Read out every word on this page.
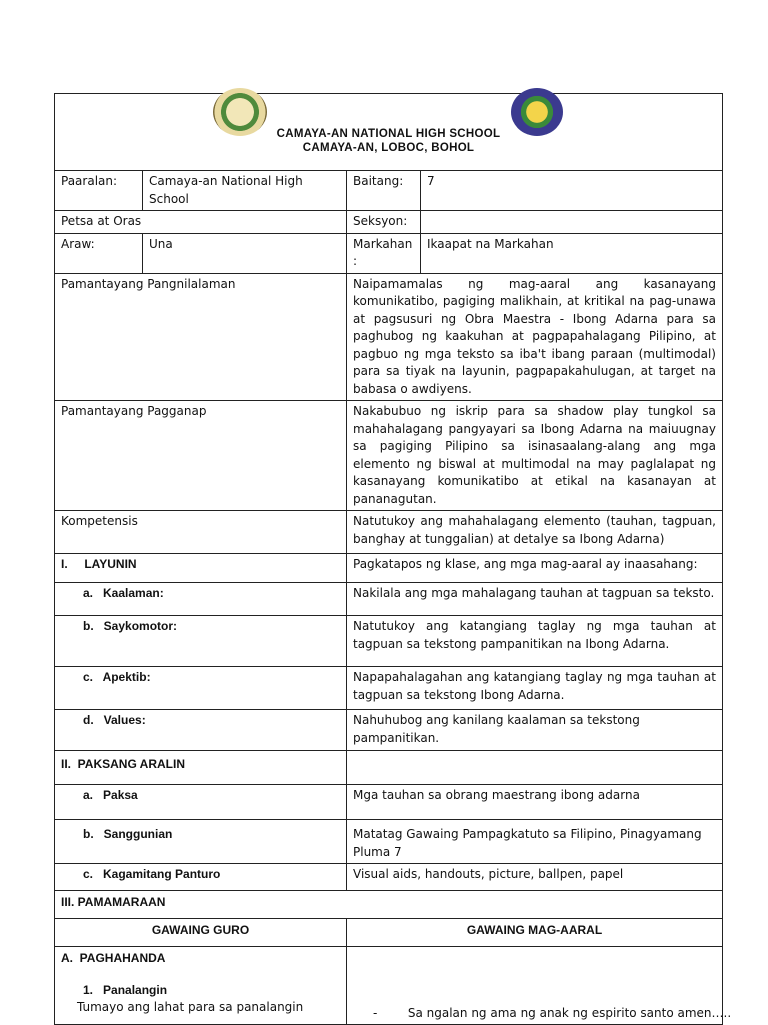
CAMAYA-AN NATIONAL HIGH SCHOOL
CAMAYA-AN, LOBOC, BOHOL			

Paaralan:	Camaya-an National High School	Baitang:	7
Petsa at Oras		Seksyon:	
Araw:	Una	Markahan :	Ikaapat na Markahan
Pamantayang Pangnilalaman		Naipamamalas ng mag-aaral ang kasanayang komunikatibo, pagiging malikhain, at kritikal na pag-unawa at pagsusuri ng Obra Maestra - Ibong Adarna para sa paghubog ng kaakuhan at pagpapahalagang Pilipino, at pagbuo ng mga teksto sa iba't ibang paraan (multimodal) para sa tiyak na layunin, pagpapakahulugan, at target na babasa o awdiyens.	
Pamantayang Pagganap		Nakabubuo ng iskrip para sa shadow play tungkol sa mahahalagang pangyayari sa Ibong Adarna na maiuugnay sa pagiging Pilipino sa isinasaalang-alang ang mga elemento ng biswal at multimodal na may paglalapat ng kasanayang komunikatibo at etikal na kasanayan at pananagutan.	
Kompetensis		Natutukoy ang mahahalagang elemento (tauhan, tagpuan, banghay at tunggalian) at detalye sa Ibong Adarna)	
I.     LAYUNIN		Pagkatapos ng klase, ang mga mag-aaral ay inaasahang:	
a.   Kaalaman:		Nakilala ang mga mahalagang tauhan at tagpuan sa teksto.	
b.   Saykomotor:		Natutukoy ang katangiang taglay ng mga tauhan at tagpuan sa tekstong pampanitikan na Ibong Adarna.	
c.   Apektib:		Napapahalagahan ang katangiang taglay ng mga tauhan at tagpuan sa tekstong Ibong Adarna.	
d.   Values:		Nahuhubog ang kanilang kaalaman sa tekstong pampanitikan.	
II.  PAKSANG ARALIN			
a.   Paksa		Mga tauhan sa obrang maestrang ibong adarna	
b.   Sanggunian		Matatag Gawaing Pampagkatuto sa Filipino, Pinagyamang Pluma 7	
c.   Kagamitang Panturo		Visual aids, handouts, picture, ballpen, papel	
III. PAMAMARAAN			
GAWAING GURO		GAWAING MAG-AARAL	

A.  PAGHAHANDA
1.   Panalangin
Tumayo ang lahat para sa panalangin		-        Sa ngalan ng ama ng anak ng espirito santo amen…..	
